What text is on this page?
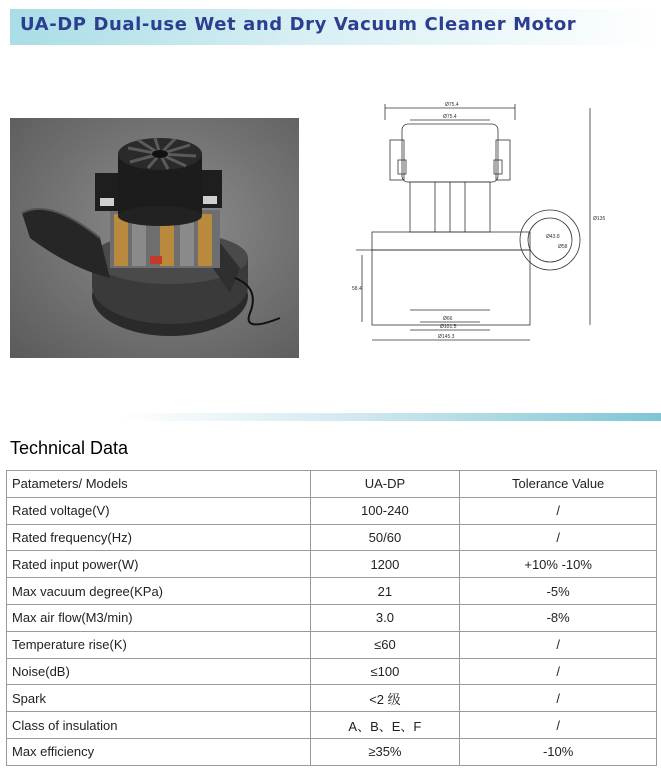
UA-DP Dual-use Wet and Dry Vacuum Cleaner Motor
Ø75.4
Ø75.4
Ø66
Ø101.5
Ø145.3
Ø135
Ø43.8
Ø58
58.4
Technical Data
Patameters/ Models	UA-DP	Tolerance Value
Rated voltage(V)	100-240	/
Rated frequency(Hz)	50/60	/
Rated input power(W)	1200	+10% -10%
Max vacuum degree(KPa)	21	-5%
Max air flow(M3/min)	3.0	-8%
Temperature rise(K)	≤60	/
Noise(dB)	≤100	/
Spark	<2 级	/
Class of insulation	A、B、E、F	/
Max efficiency	≥35%	-10%
